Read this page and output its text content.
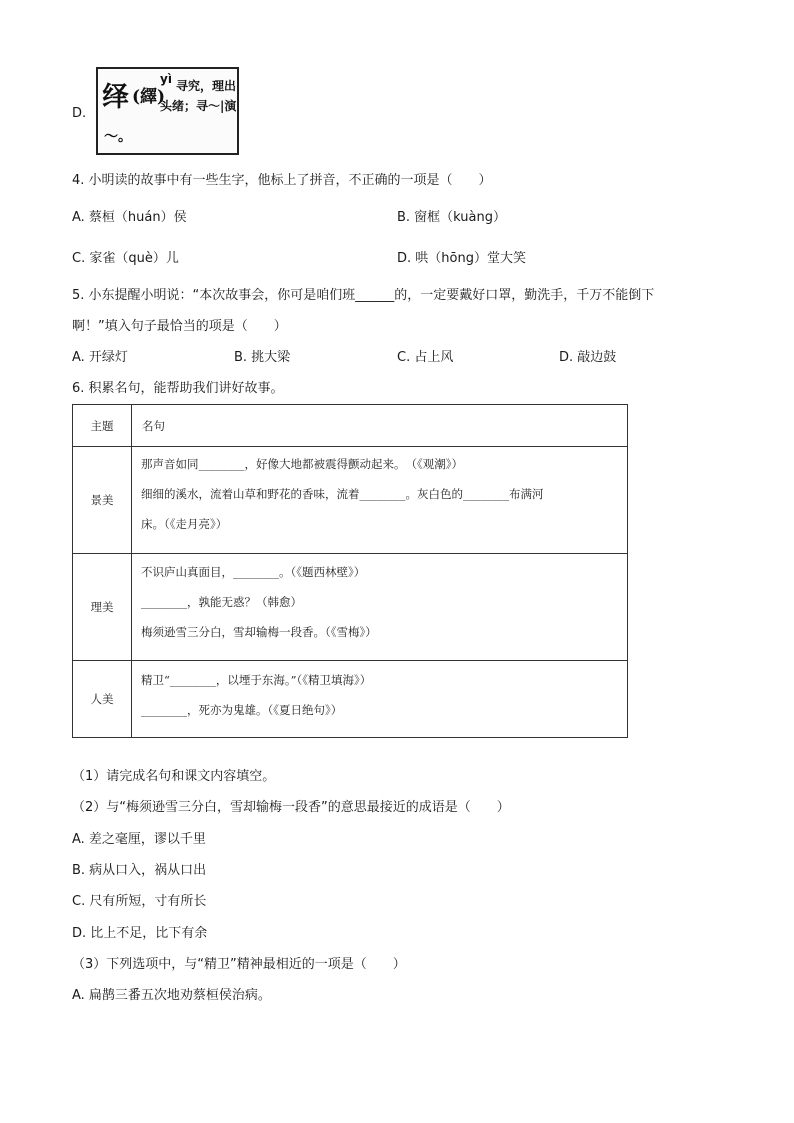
D.
绎 (繹)
yì 寻究，理出
头绪；寻～|演
～。
4. 小明读的故事中有一些生字，他标上了拼音，不正确的一项是（　　）
A. 蔡桓（huán）侯	B. 窗框（kuàng）
C. 家雀（què）儿	D. 哄（hōng）堂大笑
5. 小东提醒小明说：“本次故事会，你可是咱们班______的，一定要戴好口罩，勤洗手，千万不能倒下
啊！”填入句子最恰当的项是（　　）
A. 开绿灯	B. 挑大梁	C. 占上风	D. 敲边鼓
6. 积累名句，能帮助我们讲好故事。
主题	名句
景美	那声音如同________，好像大地都被震得颤动起来。　（《观潮》）
细细的溪水，流着山草和野花的香味，流着________。灰白色的________布满河
床。（《走月亮》）

理美	不识庐山真面目，________。（《题西林壁》）
________，孰能无惑？（韩愈）
梅须逊雪三分白，雪却输梅一段香。（《雪梅》）

人美	精卫“________，以堙于东海。”（《精卫填海》）
________，死亦为鬼雄。（《夏日绝句》）
（1）请完成名句和课文内容填空。
（2）与“梅须逊雪三分白，雪却输梅一段香”的意思最接近的成语是（　　）
A. 差之毫厘，谬以千里
B. 病从口入，祸从口出
C. 尺有所短，寸有所长
D. 比上不足，比下有余
（3）下列选项中，与“精卫”精神最相近的一项是（　　）
A. 扁鹊三番五次地劝蔡桓侯治病。
